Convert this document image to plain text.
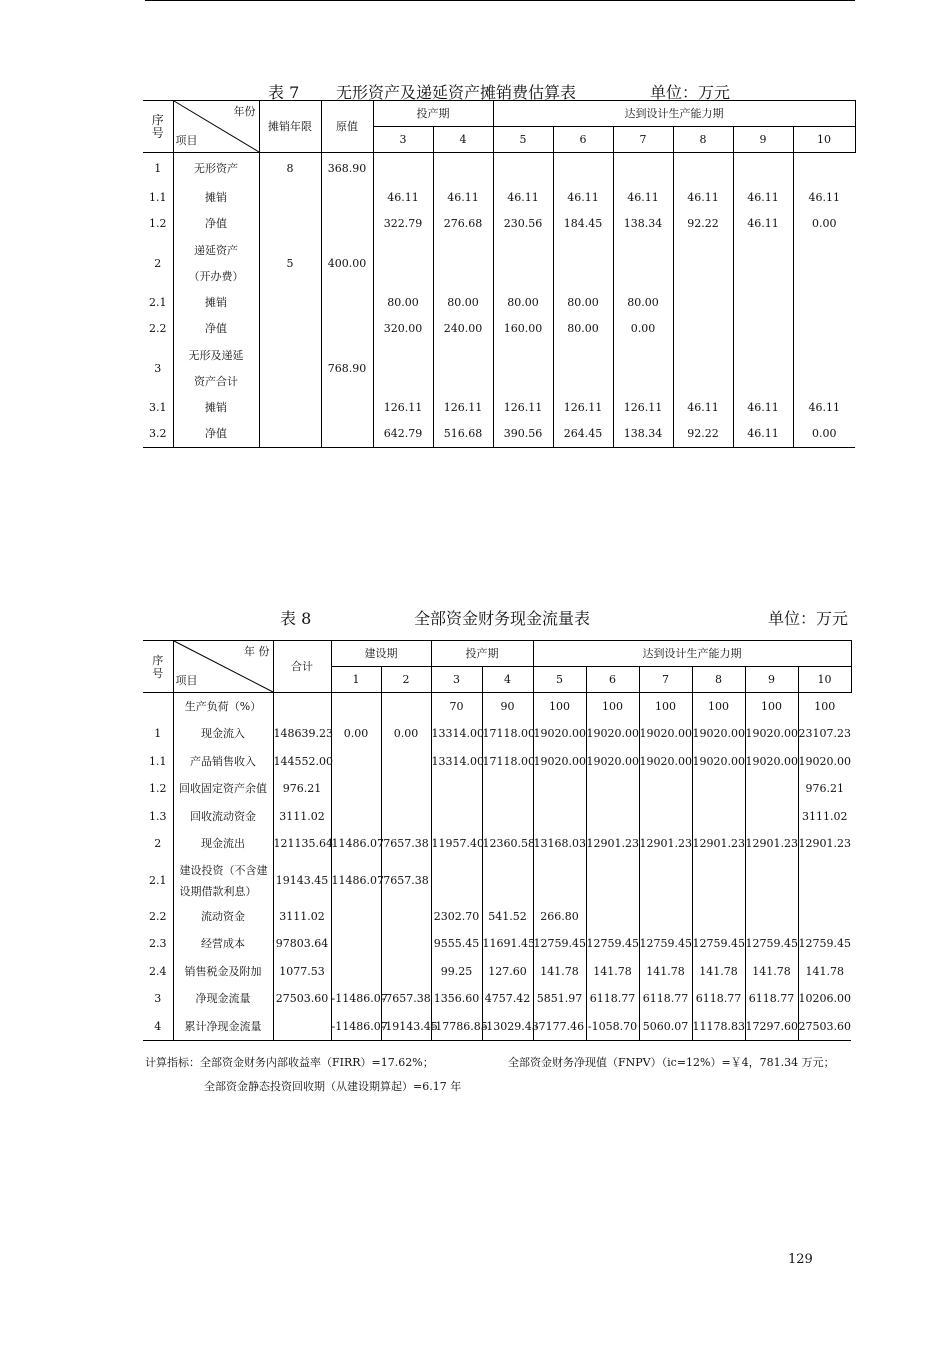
表 7 无形资产及递延资产摊销费估算表	单位：万元
序号	年份
项目	摊销年限	原值	投产期		达到设计生产能力期					
				3	4	5	6	7	8	9	10
1	无形资产	8	368.90								
1.1	摊销			46.11	46.11	46.11	46.11	46.11	46.11	46.11	46.11
1.2	净值			322.79	276.68	230.56	184.45	138.34	92.22	46.11	0.00
2	递延资产
（开办费）	5	400.00								
2.1	摊销			80.00	80.00	80.00	80.00	80.00			
2.2	净值			320.00	240.00	160.00	80.00	0.00			
3	无形及递延
资产合计		768.90								
3.1	摊销			126.11	126.11	126.11	126.11	126.11	46.11	46.11	46.11
3.2	净值			642.79	516.68	390.56	264.45	138.34	92.22	46.11	0.00
表 8	全部资金财务现金流量表	单位：万元
序号	年 份
项目	合计	建设期		投产期		达到设计生产能力期					
			1	2	3	4	5	6	7	8	9	10
	生产负荷（%）				70	90	100	100	100	100	100	100
1	现金流入	148639.23	0.00	0.00	13314.00	17118.00	19020.00	19020.00	19020.00	19020.00	19020.00	23107.23
1.1	产品销售收入	144552.00			13314.00	17118.00	19020.00	19020.00	19020.00	19020.00	19020.00	19020.00
1.2	回收固定资产余值	976.21										976.21
1.3	回收流动资金	3111.02										3111.02
2	现金流出	121135.64	11486.07	7657.38	11957.40	12360.58	13168.03	12901.23	12901.23	12901.23	12901.23	12901.23
2.1	建设投资（不含建
设期借款利息）	19143.45	11486.07	7657.38								
2.2	流动资金	3111.02			2302.70	541.52	266.80					
2.3	经营成本	97803.64			9555.45	11691.45	12759.45	12759.45	12759.45	12759.45	12759.45	12759.45
2.4	销售税金及附加	1077.53			99.25	127.60	141.78	141.78	141.78	141.78	141.78	141.78
3	净现金流量	27503.60	-11486.07	-7657.38	1356.60	4757.42	5851.97	6118.77	6118.77	6118.77	6118.77	10206.00
4	累计净现金流量		-11486.07	-19143.45	-17786.85	-13029.43	-7177.46	-1058.70	5060.07	11178.83	17297.60	27503.60
计算指标：全部资金财务内部收益率（FIRR）=17.62%；	全部资金财务净现值（FNPV）（ic=12%）=￥4，781.34 万元；
全部资金静态投资回收期（从建设期算起）=6.17 年
129
